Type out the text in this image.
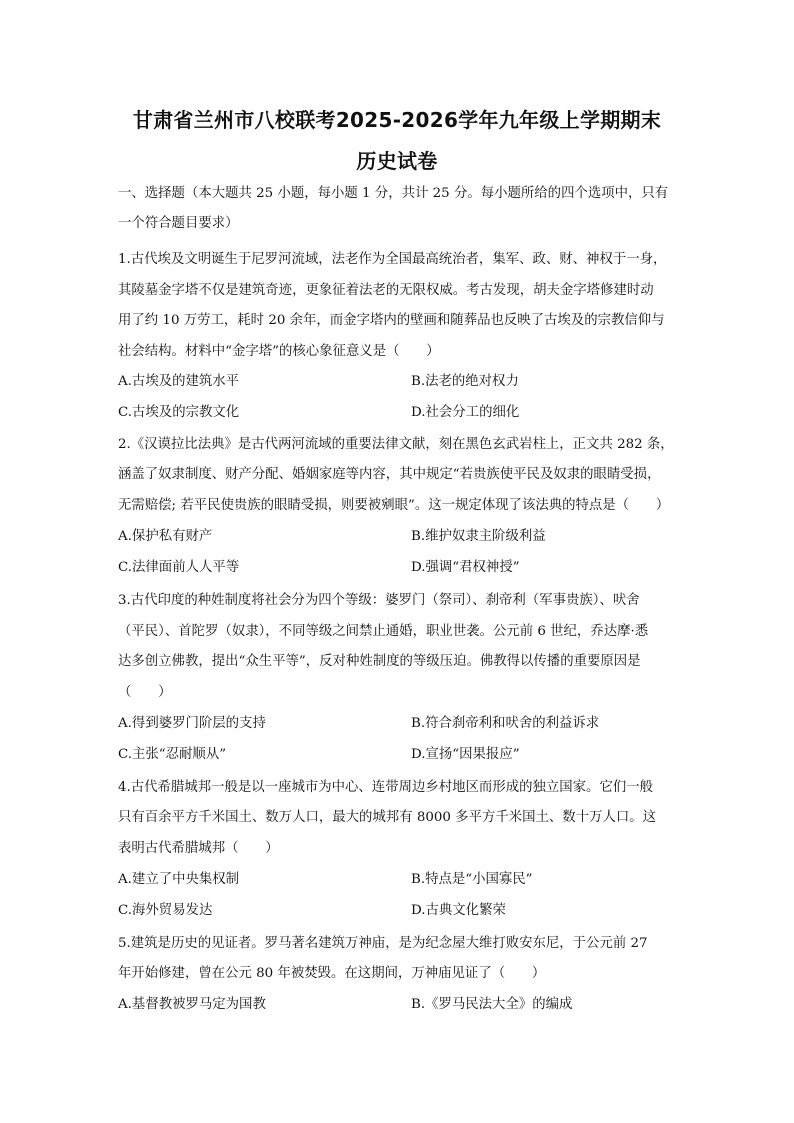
甘肃省兰州市八校联考2025-2026学年九年级上学期期末
历史试卷
一、选择题（本大题共 25 小题，每小题 1 分，共计 25 分。每小题所给的四个选项中，只有
一个符合题目要求）
1.古代埃及文明诞生于尼罗河流域，法老作为全国最高统治者，集军、政、财、神权于一身，
其陵墓金字塔不仅是建筑奇迹，更象征着法老的无限权威。考古发现，胡夫金字塔修建时动
用了约 10 万劳工，耗时 20 余年，而金字塔内的壁画和随葬品也反映了古埃及的宗教信仰与
社会结构。材料中“金字塔”的核心象征意义是（　　）
A.古埃及的建筑水平	B.法老的绝对权力
C.古埃及的宗教文化	D.社会分工的细化
2.《汉谟拉比法典》是古代两河流域的重要法律文献，刻在黑色玄武岩柱上，正文共 282 条，
涵盖了奴隶制度、财产分配、婚姻家庭等内容，其中规定“若贵族使平民及奴隶的眼睛受损，
无需赔偿; 若平民使贵族的眼睛受损，则要被剜眼”。这一规定体现了该法典的特点是（　　）
A.保护私有财产	B.维护奴隶主阶级利益
C.法律面前人人平等	D.强调“君权神授”
3.古代印度的种姓制度将社会分为四个等级：婆罗门（祭司）、刹帝利（军事贵族）、吠舍
（平民）、首陀罗（奴隶），不同等级之间禁止通婚，职业世袭。公元前 6 世纪，乔达摩·悉
达多创立佛教，提出“众生平等”，反对种姓制度的等级压迫。佛教得以传播的重要原因是
（　　）
A.得到婆罗门阶层的支持	B.符合刹帝利和吠舍的利益诉求
C.主张“忍耐顺从”	D.宣扬“因果报应”
4.古代希腊城邦一般是以一座城市为中心、连带周边乡村地区而形成的独立国家。它们一般
只有百余平方千米国土、数万人口，最大的城邦有 8000 多平方千米国土、数十万人口。这
表明古代希腊城邦（　　）
A.建立了中央集权制	B.特点是“小国寡民”
C.海外贸易发达	D.古典文化繁荣
5.建筑是历史的见证者。罗马著名建筑万神庙，是为纪念屋大维打败安东尼，于公元前 27
年开始修建，曾在公元 80 年被焚毁。在这期间，万神庙见证了（　　）
A.基督教被罗马定为国教	B.《罗马民法大全》的编成
